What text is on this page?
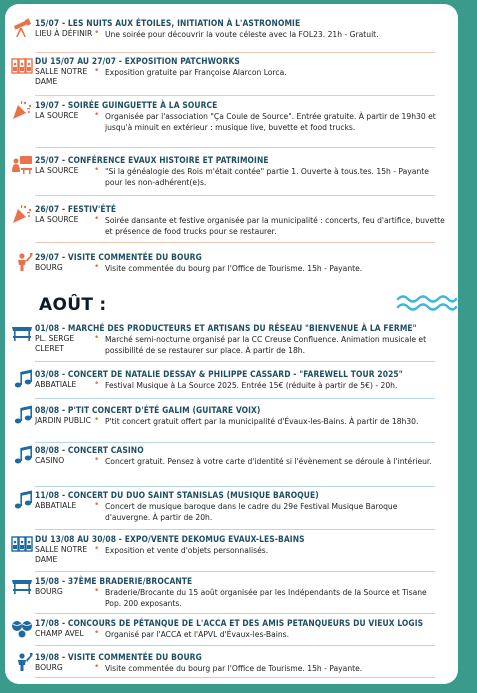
15/07 - LES NUITS AUX ÉTOILES, INITIATION À L'ASTRONOMIE
LIEU À DÉFINIR • Une soirée pour découvrir la voute céleste avec la FOL23. 21h - Gratuit.
DU 15/07 AU 27/07 - EXPOSITION PATCHWORKS
SALLE NOTRE DAME
• Exposition gratuite par Françoise Alarcon Lorca.
19/07 - SOIRÉE GUINGUETTE À LA SOURCE
LA SOURCE	• Organisée par l'association "Ça Coule de Source". Entrée gratuite. À partir de 19h30 et jusqu'à minuit en extérieur : musique live, buvette et food trucks.
25/07 - CONFÉRENCE EVAUX HISTOIRE ET PATRIMOINE
LA SOURCE	• "Si la généalogie des Rois m'était contée" partie 1. Ouverte à tous.tes. 15h - Payante pour les non-adhérent(e)s.
26/07 - FESTIV'ÉTÉ
LA SOURCE	• Soirée dansante et festive organisée par la municipalité : concerts, feu d'artifice, buvette et présence de food trucks pour se restaurer.
29/07 - VISITE COMMENTÉE DU BOURG
BOURG	• Visite commentée du bourg par l'Office de Tourisme. 15h - Payante.
AOÛT :
01/08 - MARCHÉ DES PRODUCTEURS ET ARTISANS DU RÉSEAU "BIENVENUE À LA FERME"
PL. SERGE CLERET
• Marché semi-nocturne organisé par la CC Creuse Confluence. Animation musicale et possibilité de se restaurer sur place. À partir de 18h.
03/08 - CONCERT DE NATALIE DESSAY & PHILIPPE CASSARD - "FAREWELL TOUR 2025"
ABBATIALE	• Festival Musique à La Source 2025. Entrée 15€ (réduite à partir de 5€) - 20h.
08/08 - P'TIT CONCERT D'ÉTÉ GALIM (GUITARE VOIX)
JARDIN PUBLIC • P'tit concert gratuit offert par la municipalité d'Évaux-les-Bains. À partir de 18h30.
08/08 - CONCERT CASINO
CASINO	• Concert gratuit. Pensez à votre carte d'identité si l'évènement se déroule à l'intérieur.
11/08 - CONCERT DU DUO SAINT STANISLAS (MUSIQUE BAROQUE)
ABBATIALE	• Concert de musique baroque dans le cadre du 29e Festival Musique Baroque d'auvergne. À partir de 20h.
DU 13/08 AU 30/08 - EXPO/VENTE DEKOMUG EVAUX-LES-BAINS
SALLE NOTRE DAME
• Exposition et vente d'objets personnalisés.
15/08 - 37ÈME BRADERIE/BROCANTE
BOURG	• Braderie/Brocante du 15 août organisée par les Indépendants de la Source et Tisane Pop. 200 exposants.
17/08 - CONCOURS DE PÉTANQUE DE L'ACCA ET DES AMIS PETANQUEURS DU VIEUX LOGIS
CHAMP AVEL	• Organisé par l'ACCA et l'APVL d'Évaux-les-Bains.
19/08 - VISITE COMMENTÉE DU BOURG
BOURG	• Visite commentée du bourg par l'Office de Tourisme. 15h - Payante.
